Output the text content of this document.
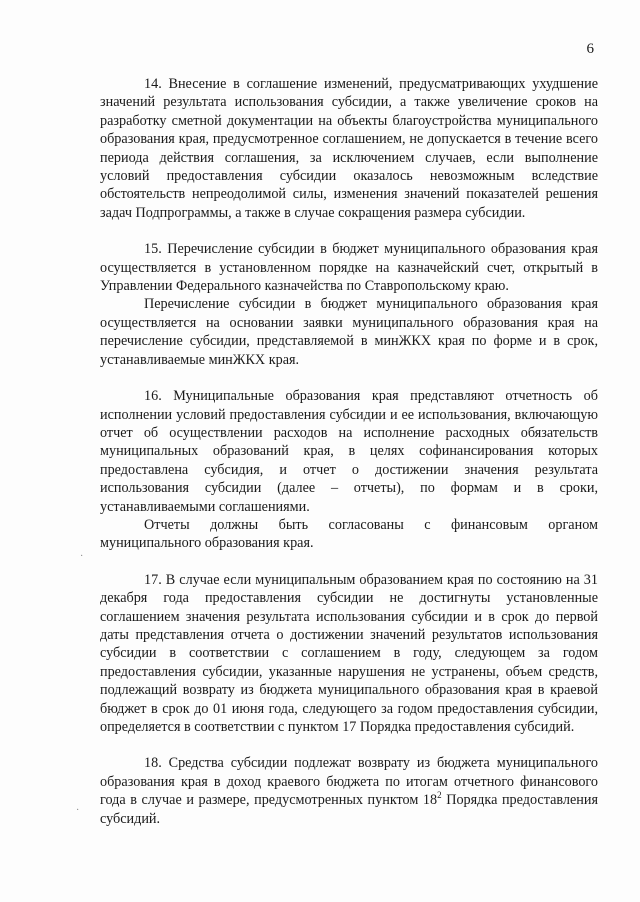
6

14. Внесение в соглашение изменений, предусматривающих ухудшение значений результата использования субсидии, а также увеличение сроков на разработку сметной документации на объекты благоустройства муниципального образования края, предусмотренное соглашением, не допускается в течение всего периода действия соглашения, за исключением случаев, если выполнение условий предоставления субсидии оказалось невозможным вследствие обстоятельств непреодолимой силы, изменения значений показателей решения задач Подпрограммы, а также в случае сокращения размера субсидии.

15. Перечисление субсидии в бюджет муниципального образования края осуществляется в установленном порядке на казначейский счет, открытый в Управлении Федерального казначейства по Ставропольскому краю.

Перечисление субсидии в бюджет муниципального образования края осуществляется на основании заявки муниципального образования края на перечисление субсидии, представляемой в минЖКХ края по форме и в срок, устанавливаемые минЖКХ края.

16. Муниципальные образования края представляют отчетность об исполнении условий предоставления субсидии и ее использования, включающую отчет об осуществлении расходов на исполнение расходных обязательств муниципальных образований края, в целях софинансирования которых предоставлена субсидия, и отчет о достижении значения результата использования субсидии (далее – отчеты), по формам и в сроки, устанавливаемыми соглашениями.

Отчеты должны быть согласованы с финансовым органом муниципального образования края.

17. В случае если муниципальным образованием края по состоянию на 31 декабря года предоставления субсидии не достигнуты установленные соглашением значения результата использования субсидии и в срок до первой даты представления отчета о достижении значений результатов использования субсидии в соответствии с соглашением в году, следующем за годом предоставления субсидии, указанные нарушения не устранены, объем средств, подлежащий возврату из бюджета муниципального образования края в краевой бюджет в срок до 01 июня года, следующего за годом предоставления субсидии, определяется в соответствии с пунктом 17 Порядка предоставления субсидий.

18. Средства субсидии подлежат возврату из бюджета муниципального образования края в доход краевого бюджета по итогам отчетного финансового года в случае и размере, предусмотренных пунктом $18^2$ Порядка предоставления субсидий.

·
·
